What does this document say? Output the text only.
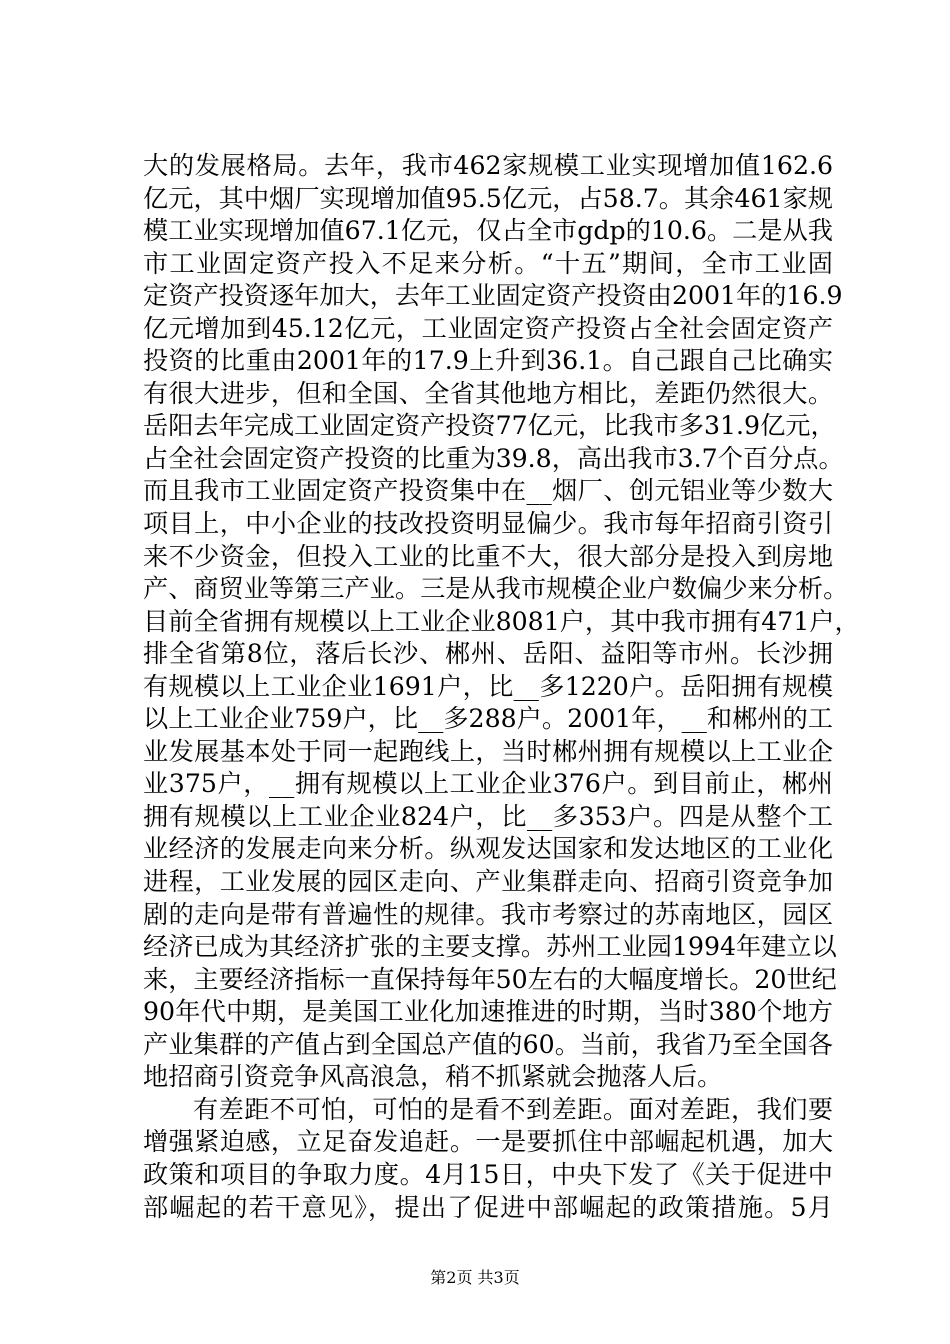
大的发展格局。去年，我市462家规模工业实现增加值162.6
亿元，其中烟厂实现增加值95.5亿元，占58.7。其余461家规
模工业实现增加值67.1亿元，仅占全市gdp的10.6。二是从我
市工业固定资产投入不足来分析。“十五”期间，全市工业固
定资产投资逐年加大，去年工业固定资产投资由2001年的16.9
亿元增加到45.12亿元，工业固定资产投资占全社会固定资产
投资的比重由2001年的17.9上升到36.1。自己跟自己比确实
有很大进步，但和全国、全省其他地方相比，差距仍然很大。
岳阳去年完成工业固定资产投资77亿元，比我市多31.9亿元，
占全社会固定资产投资的比重为39.8，高出我市3.7个百分点。
而且我市工业固定资产投资集中在__烟厂、创元铝业等少数大
项目上，中小企业的技改投资明显偏少。我市每年招商引资引
来不少资金，但投入工业的比重不大，很大部分是投入到房地
产、商贸业等第三产业。三是从我市规模企业户数偏少来分析。
目前全省拥有规模以上工业企业8081户，其中我市拥有471户，
排全省第8位，落后长沙、郴州、岳阳、益阳等市州。长沙拥
有规模以上工业企业1691户，比__多1220户。岳阳拥有规模
以上工业企业759户，比__多288户。2001年，__和郴州的工
业发展基本处于同一起跑线上，当时郴州拥有规模以上工业企
业375户，__拥有规模以上工业企业376户。到目前止，郴州
拥有规模以上工业企业824户，比__多353户。四是从整个工
业经济的发展走向来分析。纵观发达国家和发达地区的工业化
进程，工业发展的园区走向、产业集群走向、招商引资竞争加
剧的走向是带有普遍性的规律。我市考察过的苏南地区，园区
经济已成为其经济扩张的主要支撑。苏州工业园1994年建立以
来，主要经济指标一直保持每年50左右的大幅度增长。20世纪
90年代中期，是美国工业化加速推进的时期，当时380个地方
产业集群的产值占到全国总产值的60。当前，我省乃至全国各
地招商引资竞争风高浪急，稍不抓紧就会抛落人后。
有差距不可怕，可怕的是看不到差距。面对差距，我们要
增强紧迫感，立足奋发追赶。一是要抓住中部崛起机遇，加大
政策和项目的争取力度。4月15日，中央下发了《关于促进中
部崛起的若干意见》，提出了促进中部崛起的政策措施。5月
第2页 共3页
